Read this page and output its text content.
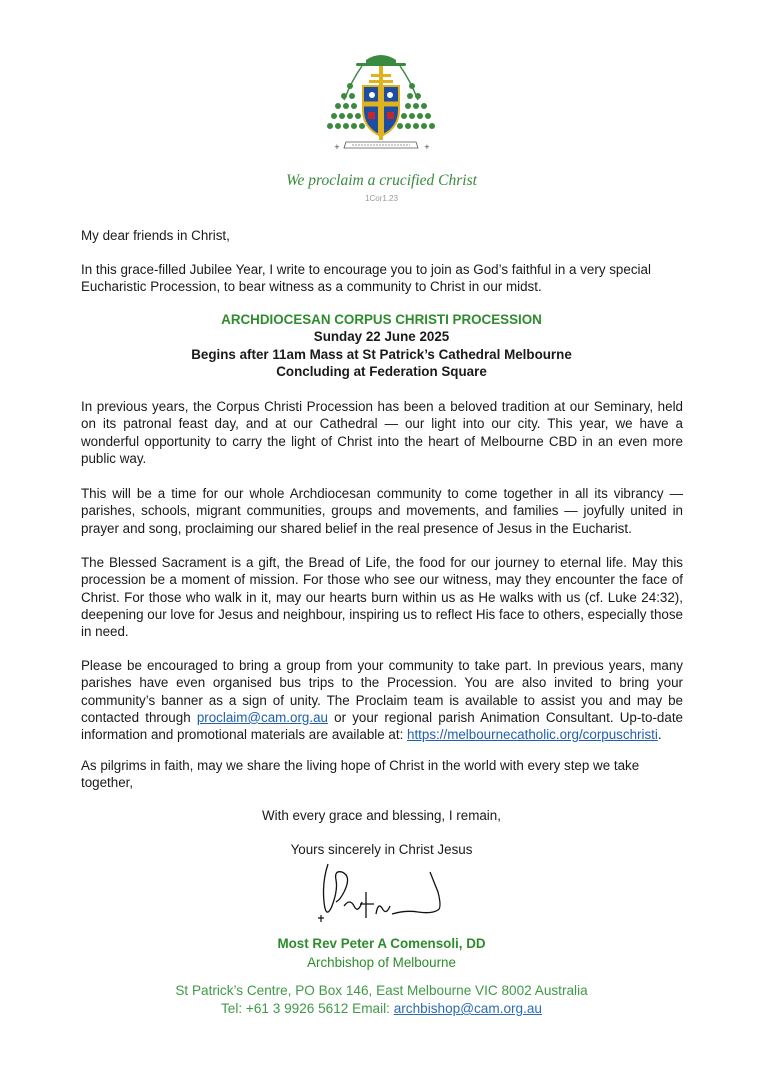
+	+
We proclaim a crucified Christ
1Cor1.23
My dear friends in Christ,
In this grace-filled Jubilee Year, I write to encourage you to join as God’s faithful in a very special Eucharistic Procession, to bear witness as a community to Christ in our midst.
ARCHDIOCESAN CORPUS CHRISTI PROCESSION
Sunday 22 June 2025
Begins after 11am Mass at St Patrick’s Cathedral Melbourne
Concluding at Federation Square
In previous years, the Corpus Christi Procession has been a beloved tradition at our Seminary, held on its patronal feast day, and at our Cathedral — our light into our city. This year, we have a wonderful opportunity to carry the light of Christ into the heart of Melbourne CBD in an even more public way.
This will be a time for our whole Archdiocesan community to come together in all its vibrancy — parishes, schools, migrant communities, groups and movements, and families — joyfully united in prayer and song, proclaiming our shared belief in the real presence of Jesus in the Eucharist.
The Blessed Sacrament is a gift, the Bread of Life, the food for our journey to eternal life. May this procession be a moment of mission. For those who see our witness, may they encounter the face of Christ. For those who walk in it, may our hearts burn within us as He walks with us (cf. Luke 24:32), deepening our love for Jesus and neighbour, inspiring us to reflect His face to others, especially those in need.
Please be encouraged to bring a group from your community to take part. In previous years, many parishes have even organised bus trips to the Procession. You are also invited to bring your community’s banner as a sign of unity. The Proclaim team is available to assist you and may be contacted through proclaim@cam.org.au or your regional parish Animation Consultant. Up-to-date information and promotional materials are available at: https://melbournecatholic.org/corpuschristi.
As pilgrims in faith, may we share the living hope of Christ in the world with every step we take together,
With every grace and blessing, I remain,
Yours sincerely in Christ Jesus
Most Rev Peter A Comensoli, DD
Archbishop of Melbourne
St Patrick’s Centre, PO Box 146, East Melbourne VIC 8002 Australia
Tel: +61 3 9926 5612 Email: archbishop@cam.org.au
